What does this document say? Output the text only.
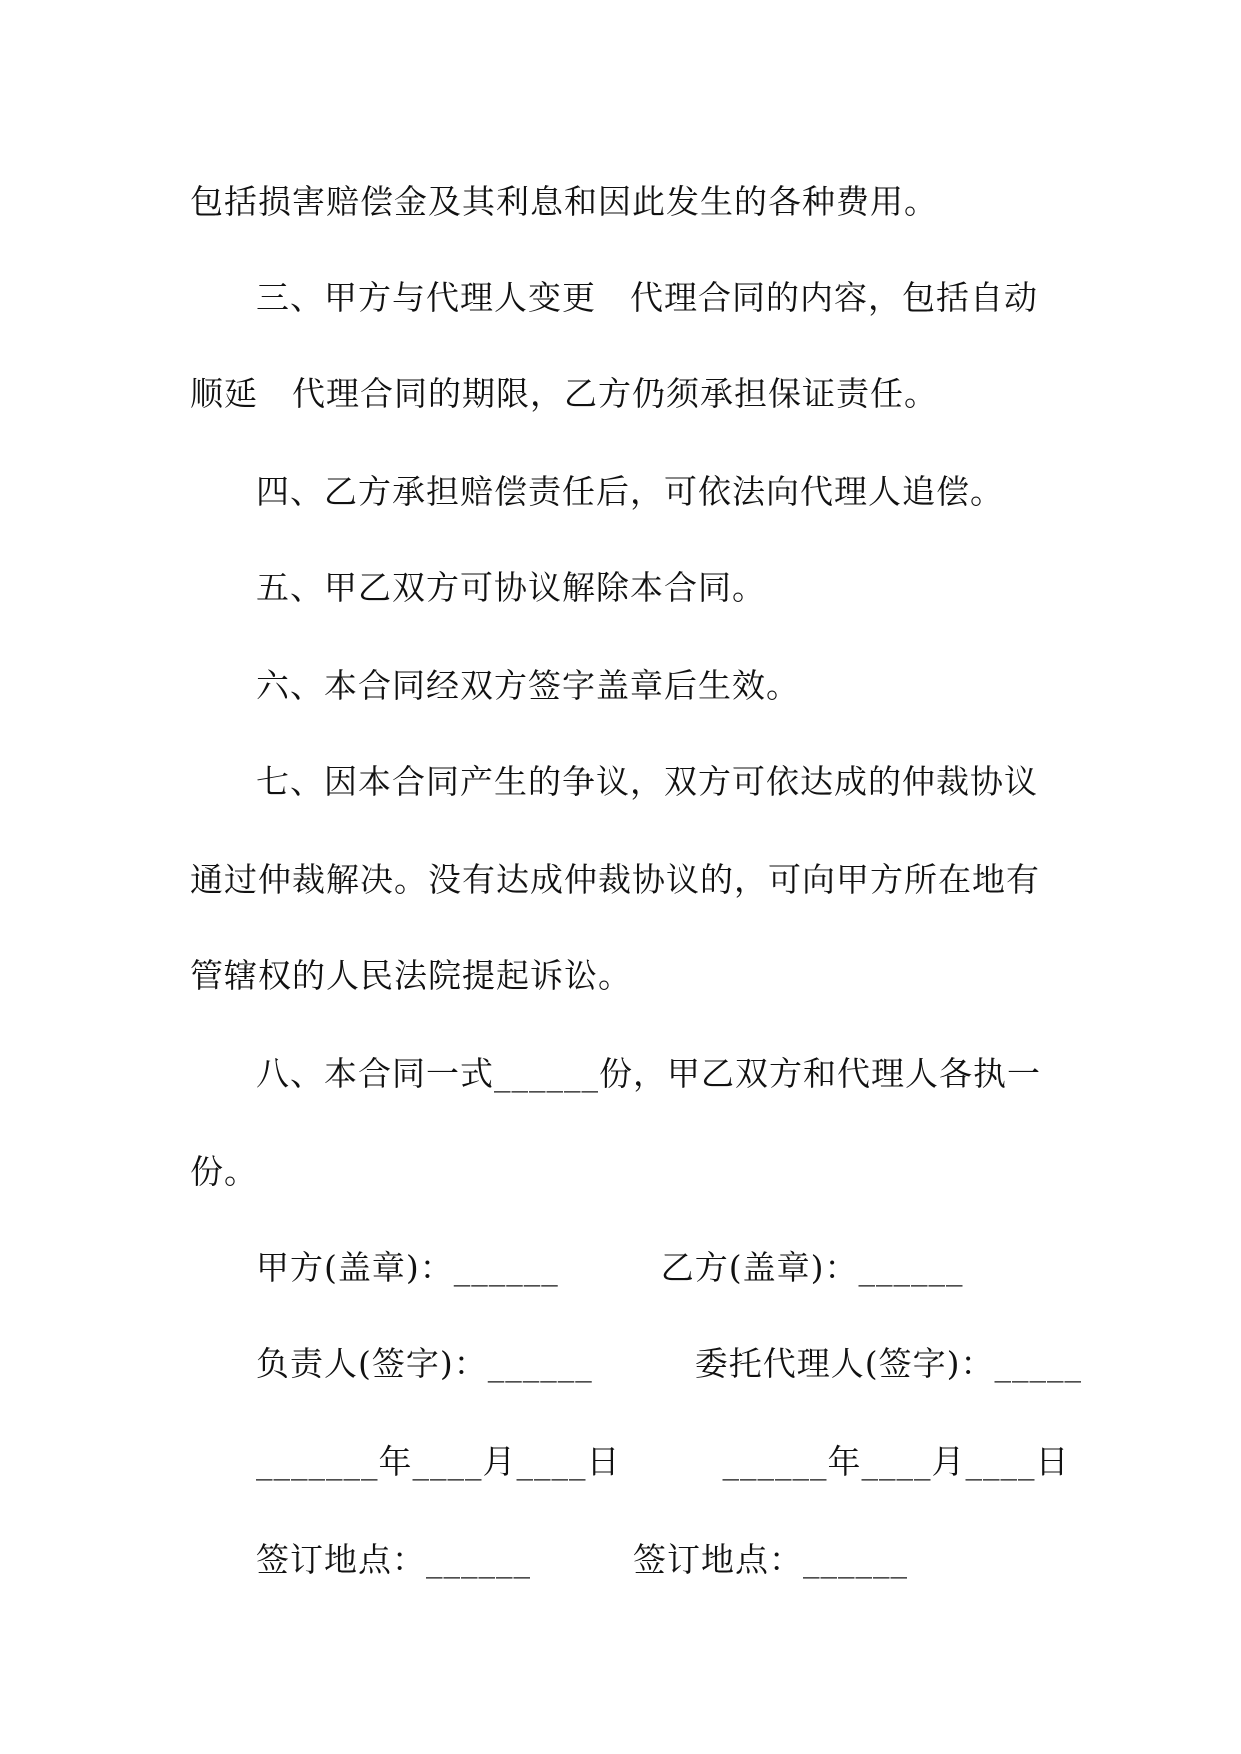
包括损害赔偿金及其利息和因此发生的各种费用。
三、甲方与代理人变更　代理合同的内容，包括自动
顺延　代理合同的期限，乙方仍须承担保证责任。
四、乙方承担赔偿责任后，可依法向代理人追偿。
五、甲乙双方可协议解除本合同。
六、本合同经双方签字盖章后生效。
七、因本合同产生的争议，双方可依达成的仲裁协议
通过仲裁解决。没有达成仲裁协议的，可向甲方所在地有
管辖权的人民法院提起诉讼。
八、本合同一式______份，甲乙双方和代理人各执一
份。
甲方(盖章)：______　　　乙方(盖章)：______
负责人(签字)：______　　　委托代理人(签字)：_____
_______年____月____日　　　______年____月____日
签订地点：______　　　签订地点：______
